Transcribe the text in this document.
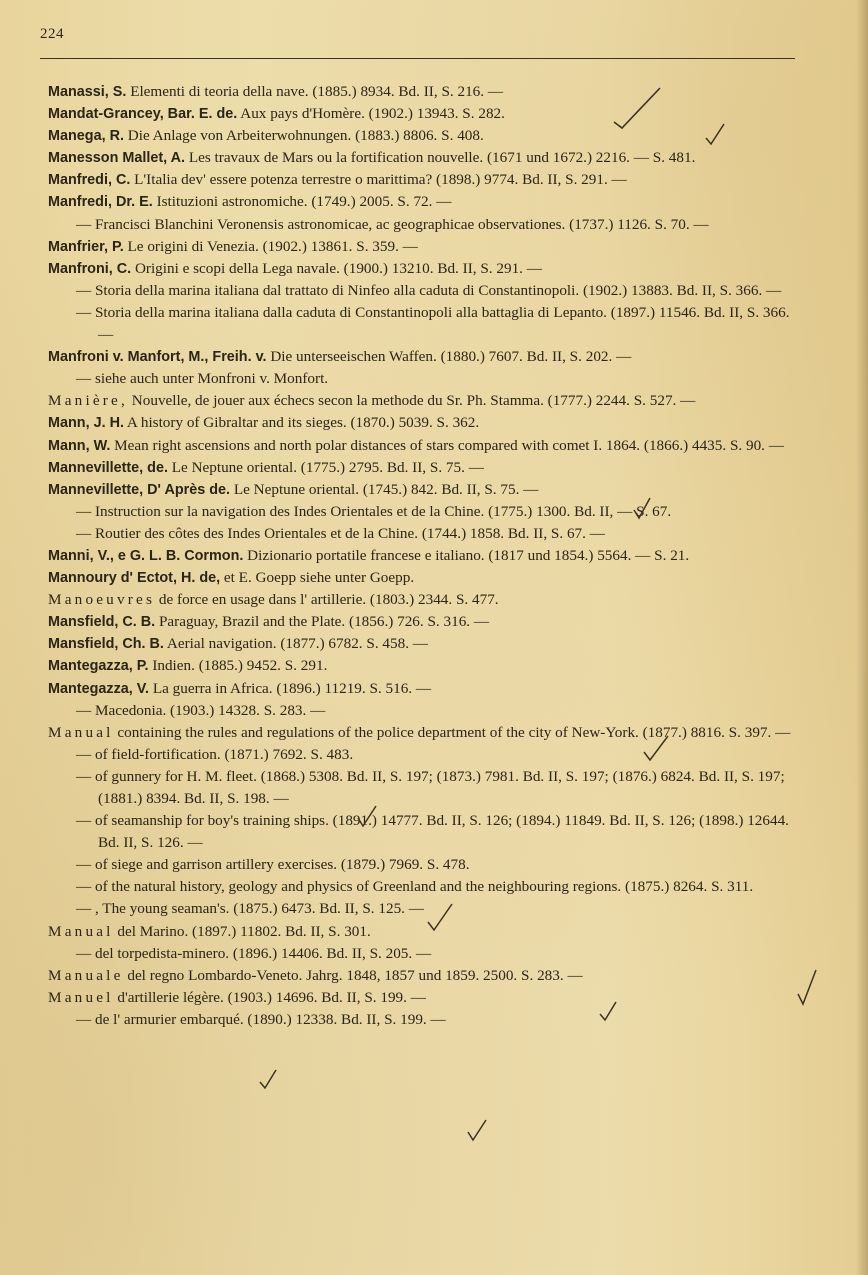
224

Manassi, S. Elementi di teoria della nave. (1885.) 8934. Bd. II, S. 216. —

Mandat-Grancey, Bar. E. de. Aux pays d'Homère. (1902.) 13943. S. 282.

Manega, R. Die Anlage von Arbeiterwohnungen. (1883.) 8806. S. 408.

Manesson Mallet, A. Les travaux de Mars ou la fortification nouvelle. (1671 und 1672.) 2216. — S. 481.

Manfredi, C. L'Italia dev' essere potenza terrestre o marittima? (1898.) 9774. Bd. II, S. 291. —

Manfredi, Dr. E. Istituzioni astronomiche. (1749.) 2005. S. 72. —

— Francisci Blanchini Veronensis astronomicae, ac geographicae observationes. (1737.) 1126. S. 70. —

Manfrier, P. Le origini di Venezia. (1902.) 13861. S. 359. —

Manfroni, C. Origini e scopi della Lega navale. (1900.) 13210. Bd. II, S. 291. —

— Storia della marina italiana dal trattato di Ninfeo alla caduta di Constantinopoli. (1902.) 13883. Bd. II, S. 366. —

— Storia della marina italiana dalla caduta di Constantinopoli alla battaglia di Lepanto. (1897.) 11546. Bd. II, S. 366. —

Manfroni v. Manfort, M., Freih. v. Die unterseeischen Waffen. (1880.) 7607. Bd. II, S. 202. —

— siehe auch unter Monfroni v. Monfort.

Manière, Nouvelle, de jouer aux échecs secon la methode du Sr. Ph. Stamma. (1777.) 2244. S. 527. —

Mann, J. H. A history of Gibraltar and its sieges. (1870.) 5039. S. 362.

Mann, W. Mean right ascensions and north polar distances of stars compared with comet I. 1864. (1866.) 4435. S. 90. —

Mannevillette, de. Le Neptune oriental. (1775.) 2795. Bd. II, S. 75. —

Mannevillette, D' Après de. Le Neptune oriental. (1745.) 842. Bd. II, S. 75. —

— Instruction sur la navigation des Indes Orientales et de la Chine. (1775.) 1300. Bd. II, — S. 67.

— Routier des côtes des Indes Orientales et de la Chine. (1744.) 1858. Bd. II, S. 67. —

Manni, V., e G. L. B. Cormon. Dizionario portatile francese e italiano. (1817 und 1854.) 5564. — S. 21.

Mannoury d' Ectot, H. de, et E. Goepp siehe unter Goepp.

Manoeuvres de force en usage dans l' artillerie. (1803.) 2344. S. 477.

Mansfield, C. B. Paraguay, Brazil and the Plate. (1856.) 726. S. 316. —

Mansfield, Ch. B. Aerial navigation. (1877.) 6782. S. 458. —

Mantegazza, P. Indien. (1885.) 9452. S. 291.

Mantegazza, V. La guerra in Africa. (1896.) 11219. S. 516. —

— Macedonia. (1903.) 14328. S. 283. —

Manual containing the rules and regulations of the police department of the city of New-York. (1877.) 8816. S. 397. —

— of field-fortification. (1871.) 7692. S. 483.

— of gunnery for H. M. fleet. (1868.) 5308. Bd. II, S. 197; (1873.) 7981. Bd. II, S. 197; (1876.) 6824. Bd. II, S. 197; (1881.) 8394. Bd. II, S. 198. —

— of seamanship for boy's training ships. (1891.) 14777. Bd. II, S. 126; (1894.) 11849. Bd. II, S. 126; (1898.) 12644. Bd. II, S. 126. —

— of siege and garrison artillery exercises. (1879.) 7969. S. 478.

— of the natural history, geology and physics of Greenland and the neighbouring regions. (1875.) 8264. S. 311.

— , The young seaman's. (1875.) 6473. Bd. II, S. 125. —

Manual del Marino. (1897.) 11802. Bd. II, S. 301.

— del torpedista-minero. (1896.) 14406. Bd. II, S. 205. —

Manuale del regno Lombardo-Veneto. Jahrg. 1848, 1857 und 1859. 2500. S. 283. —

Manuel d'artillerie légère. (1903.) 14696. Bd. II, S. 199. —

— de l' armurier embarqué. (1890.) 12338. Bd. II, S. 199. —
